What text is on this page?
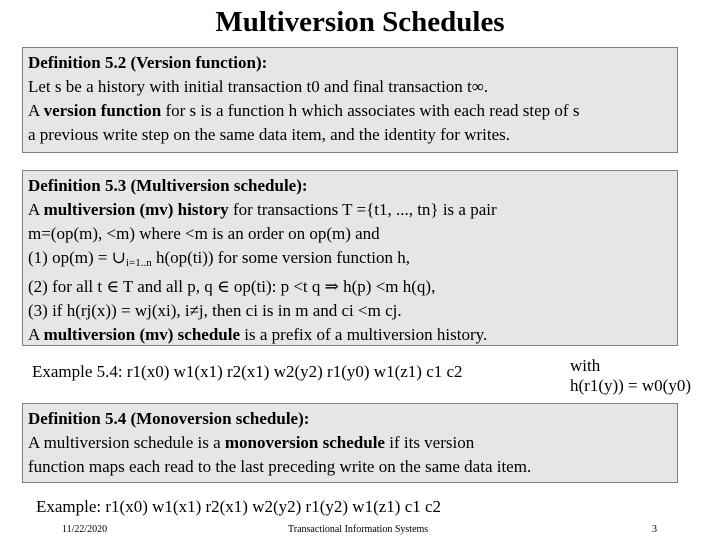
Multiversion Schedules
Definition 5.2 (Version function):
Let s be a history with initial transaction t0 and final transaction t∞.
A version function for s is a function h which associates with each read step of s
a previous write step on the same data item, and the identity for writes.
Definition 5.3 (Multiversion schedule):
A multiversion (mv) history for transactions T ={t1, ..., tn} is a pair
m=(op(m), <m) where <m is an order on op(m) and
(1) $op(m) = \cup_{i=1..n}$ h(op(ti)) for some version function h,
(2) for all t ∈ T and all p, q ∈ op(ti): p <t q ⇒ h(p) <m h(q),
(3) if h(rj(x)) = wj(xi), i≠j, then ci is in m and ci <m cj.
A multiversion (mv) schedule is a prefix of a multiversion history.
Example 5.4: r1(x0) w1(x1) r2(x1) w2(y2) r1(y0) w1(z1) c1 c2	with
h(r1(y)) = w0(y0)
Definition 5.4 (Monoversion schedule):
A multiversion schedule is a monoversion schedule if its version
function maps each read to the last preceding write on the same data item.
Example: r1(x0) w1(x1) r2(x1) w2(y2) r1(y2) w1(z1) c1 c2
11/22/2020	Transactional Information Systems	3
